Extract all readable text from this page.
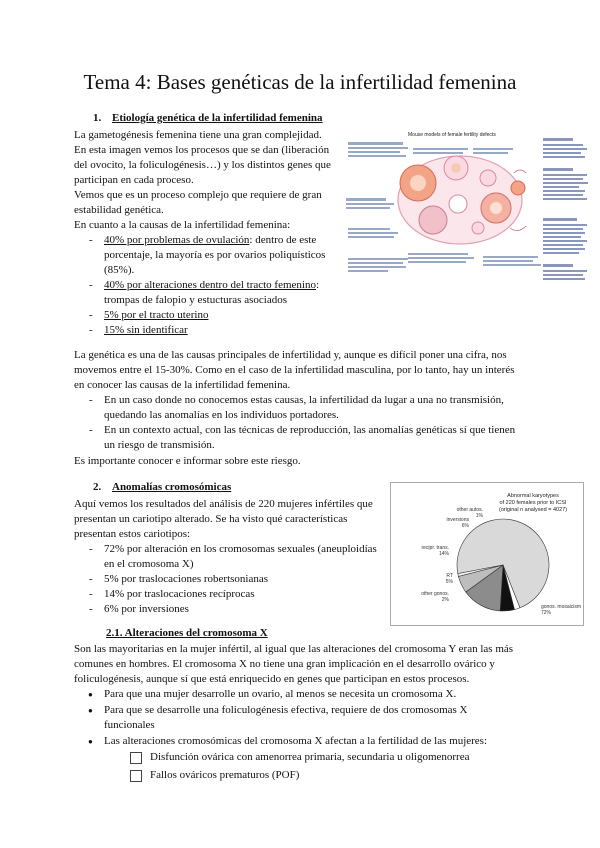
Tema 4: Bases genéticas de la infertilidad femenina
1. Etiología genética de la infertilidad femenina

La gametogénesis femenina tiene una gran complejidad.

En esta imagen vemos los procesos que se dan (liberación

del ovocito, la foliculogénesis…) y los distintos genes que

participan en cada proceso.

Vemos que es un proceso complejo que requiere de gran

estabilidad genética.

En cuanto a la causas de la infertilidad femenina:

- 40% por problemas de ovulación: dentro de este
porcentaje, la mayoría es por ovarios poliquísticos
(85%).
- 40% por alteraciones dentro del tracto femenino:
trompas de falopio y estucturas asociados
- 5% por el tracto uterino
- 15% sin identificar
Mouse models of female fertility defects

La genética es una de las causas principales de infertilidad y, aunque es difícil poner una cifra, nos

movemos entre el 15-30%. Como en el caso de la infertilidad masculina, por lo tanto, hay un interés

en conocer las causas de la infertilidad femenina.

- En un caso donde no conocemos estas causas, la infertilidad da lugar a una no transmisión,
quedando las anomalías en los individuos portadores.
- En un contexto actual, con las técnicas de reproducción, las anomalías genéticas sí que tienen
un riesgo de transmisión.

Es importante conocer e informar sobre este riesgo.

2. Anomalías cromosómicas

Aquí vemos los resultados del análisis de 220 mujeres infértiles que

presentan un cariotipo alterado. Se ha visto qué características

presentan estos cariotipos:

- 72% por alteración en los cromosomas sexuales (aneuploidías
en el cromosoma X)
- 5% por traslocaciones robertsonianas
- 14% por traslocaciones recíprocas
- 6% por inversiones
Abnormal karyotypes
of 220 females prior to ICSI
(original n analysed = 4027)
gonos. mosaicism
72%
other gonos.
2%
RT
5%
recipr. trans.
14%
inversions
6%
other autos.
1%
2.1. Alteraciones del cromosoma X

Son las mayoritarias en la mujer infértil, al igual que las alteraciones del cromosoma Y eran las más

comunes en hombres. El cromosoma X no tiene una gran implicación en el desarrollo ovárico y

foliculogénesis, aunque sí que está enriquecido en genes que participan en estos procesos.

● Para que una mujer desarrolle un ovario, al menos se necesita un cromosoma X.
● Para que se desarrolle una foliculogénesis efectiva, requiere de dos cromosomas X
funcionales
● Las alteraciones cromosómicas del cromosoma X afectan a la fertilidad de las mujeres:
Disfunción ovárica con amenorrea primaria, secundaria u oligomenorrea
Fallos ováricos prematuros (POF)
